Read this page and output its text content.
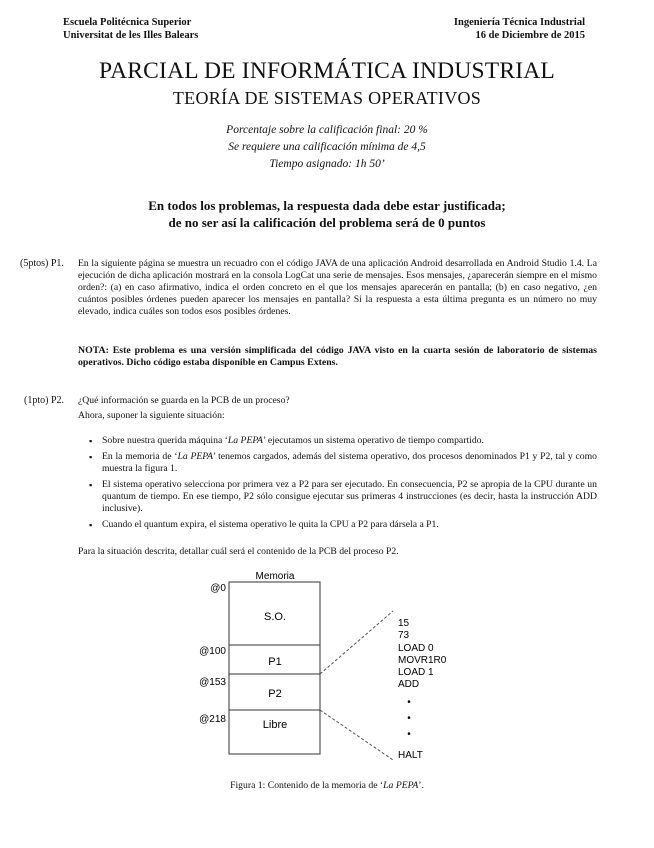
Escuela Politécnica Superior
Universitat de les Illes Balears
Ingeniería Técnica Industrial
16 de Diciembre de 2015
PARCIAL DE INFORMÁTICA INDUSTRIAL
TEORÍA DE SISTEMAS OPERATIVOS
Porcentaje sobre la calificación final: 20 %
Se requiere una calificación mínima de 4,5
Tiempo asignado: 1h 50’
En todos los problemas, la respuesta dada debe estar justificada;
de no ser así la calificación del problema será de 0 puntos
(5ptos) P1. En la siguiente página se muestra un recuadro con el código JAVA de una aplicación Android desarrollada en Android Studio 1.4. La ejecución de dicha aplicación mostrará en la consola LogCat una serie de mensajes. Esos mensajes, ¿aparecerán siempre en el mismo orden?: (a) en caso afirmativo, indica el orden concreto en el que los mensajes aparecerán en pantalla; (b) en caso negativo, ¿en cuántos posibles órdenes pueden aparecer los mensajes en pantalla? Si la respuesta a esta última pregunta es un número no muy elevado, indica cuáles son todos esos posibles órdenes.
NOTA: Este problema es una versión simplificada del código JAVA visto en la cuarta sesión de laboratorio de sistemas operativos. Dicho código estaba disponible en Campus Extens.
(1pto) P2. ¿Qué información se guarda en la PCB de un proceso?
Ahora, suponer la siguiente situación:
▪ Sobre nuestra querida máquina ‘La PEPA’ ejecutamos un sistema operativo de tiempo compartido.
▪ En la memoria de ‘La PEPA’ tenemos cargados, además del sistema operativo, dos procesos denominados P1 y P2, tal y como muestra la figura 1.
▪ El sistema operativo selecciona por primera vez a P2 para ser ejecutado. En consecuencia, P2 se apropia de la CPU durante un quantum de tiempo. En ese tiempo, P2 sólo consigue ejecutar sus primeras 4 instrucciones (es decir, hasta la instrucción ADD inclusive).
▪ Cuando el quantum expira, el sistema operativo le quita la CPU a P2 para dársela a P1.
Para la situación descrita, detallar cuál será el contenido de la PCB del proceso P2.
Memoria
S.O.
P1
P2
Libre
@0
@100
@153
@218
15
73
LOAD 0
MOVR1R0
LOAD 1
ADD
•
•
•
HALT
Figura 1: Contenido de la memoria de ‘La PEPA’.
